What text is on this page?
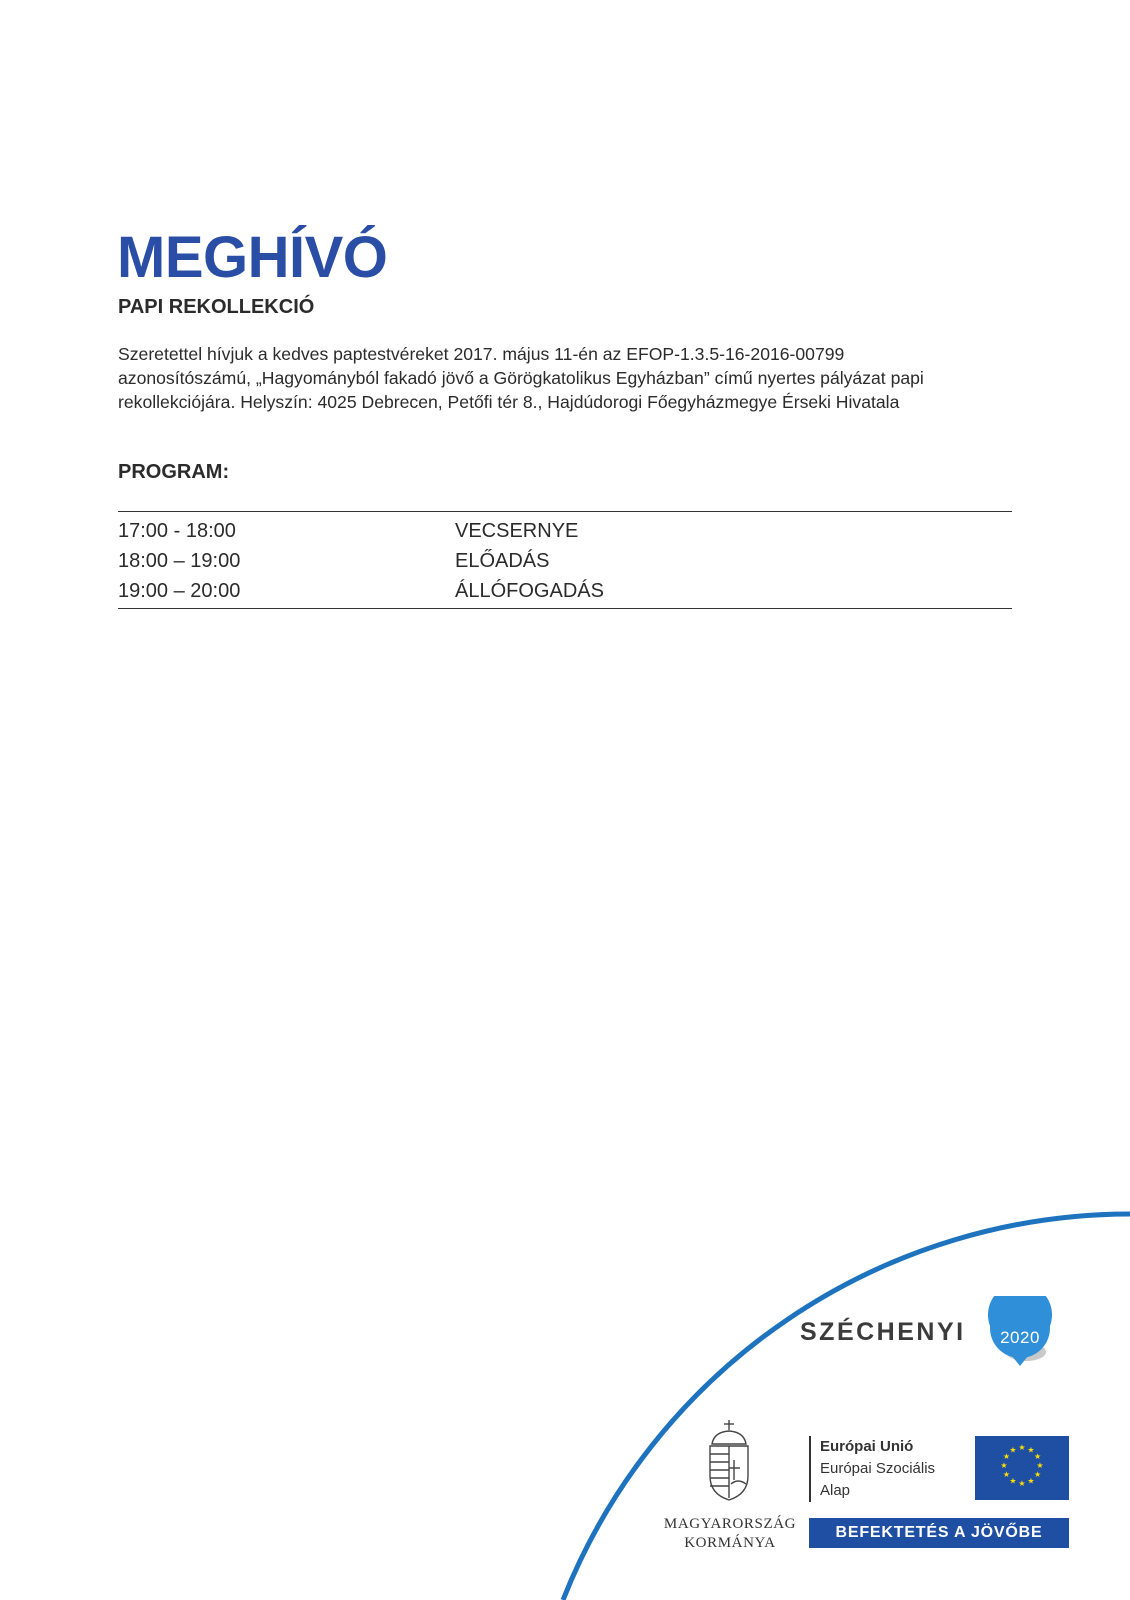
MEGHÍVÓ
PAPI REKOLLEKCIÓ

Szeretettel hívjuk a kedves paptestvéreket 2017. május 11-én az EFOP-1.3.5-16-2016-00799
azonosítószámú, „Hagyományból fakadó jövő a Görögkatolikus Egyházban” című nyertes pályázat papi
rekollekciójára. Helyszín: 4025 Debrecen, Petőfi tér 8., Hajdúdorogi Főegyházmegye Érseki Hivatala

PROGRAM:
17:00 - 18:00	VECSERNYE
18:00 – 19:00	ELŐADÁS
19:00 – 20:00	ÁLLÓFOGADÁS
SZÉCHENYI	2020
MAGYARORSZÁG
KORMÁNYA
Európai Unió
Európai Szociális
Alap
★ ★
★
★
★
★
★
★
★
★
★
★
BEFEKTETÉS A JÖVŐBE
